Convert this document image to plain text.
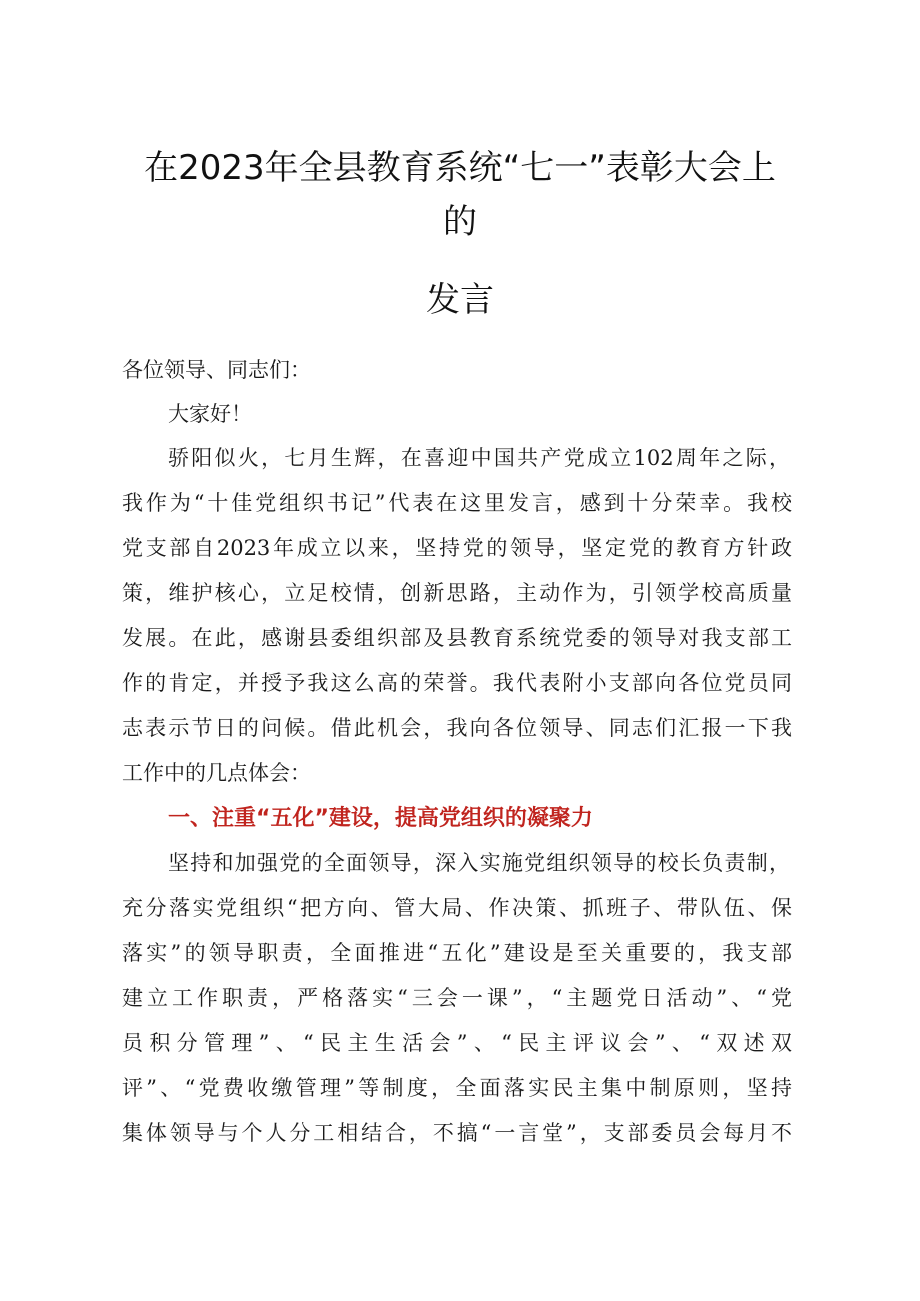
在2023年全县教育系统“七一”表彰大会上
的
发言
各位领导、同志们：
大家好！
骄阳似火，七月生辉，在喜迎中国共产党成立102周年之际，
我作为“十佳党组织书记”代表在这里发言，感到十分荣幸。我校
党支部自2023年成立以来，坚持党的领导，坚定党的教育方针政
策，维护核心，立足校情，创新思路，主动作为，引领学校高质量
发展。在此，感谢县委组织部及县教育系统党委的领导对我支部工
作的肯定，并授予我这么高的荣誉。我代表附小支部向各位党员同
志表示节日的问候。借此机会，我向各位领导、同志们汇报一下我
工作中的几点体会：
一、注重“五化”建设，提高党组织的凝聚力
坚持和加强党的全面领导，深入实施党组织领导的校长负责制，
充分落实党组织“把方向、管大局、作决策、抓班子、带队伍、保
落实”的领导职责，全面推进“五化”建设是至关重要的，我支部
建立工作职责，严格落实“三会一课”，“主题党日活动”、“党
员积分管理”、“民主生活会”、“民主评议会”、“双述双
评”、“党费收缴管理”等制度，全面落实民主集中制原则，坚持
集体领导与个人分工相结合，不搞“一言堂”，支部委员会每月不
